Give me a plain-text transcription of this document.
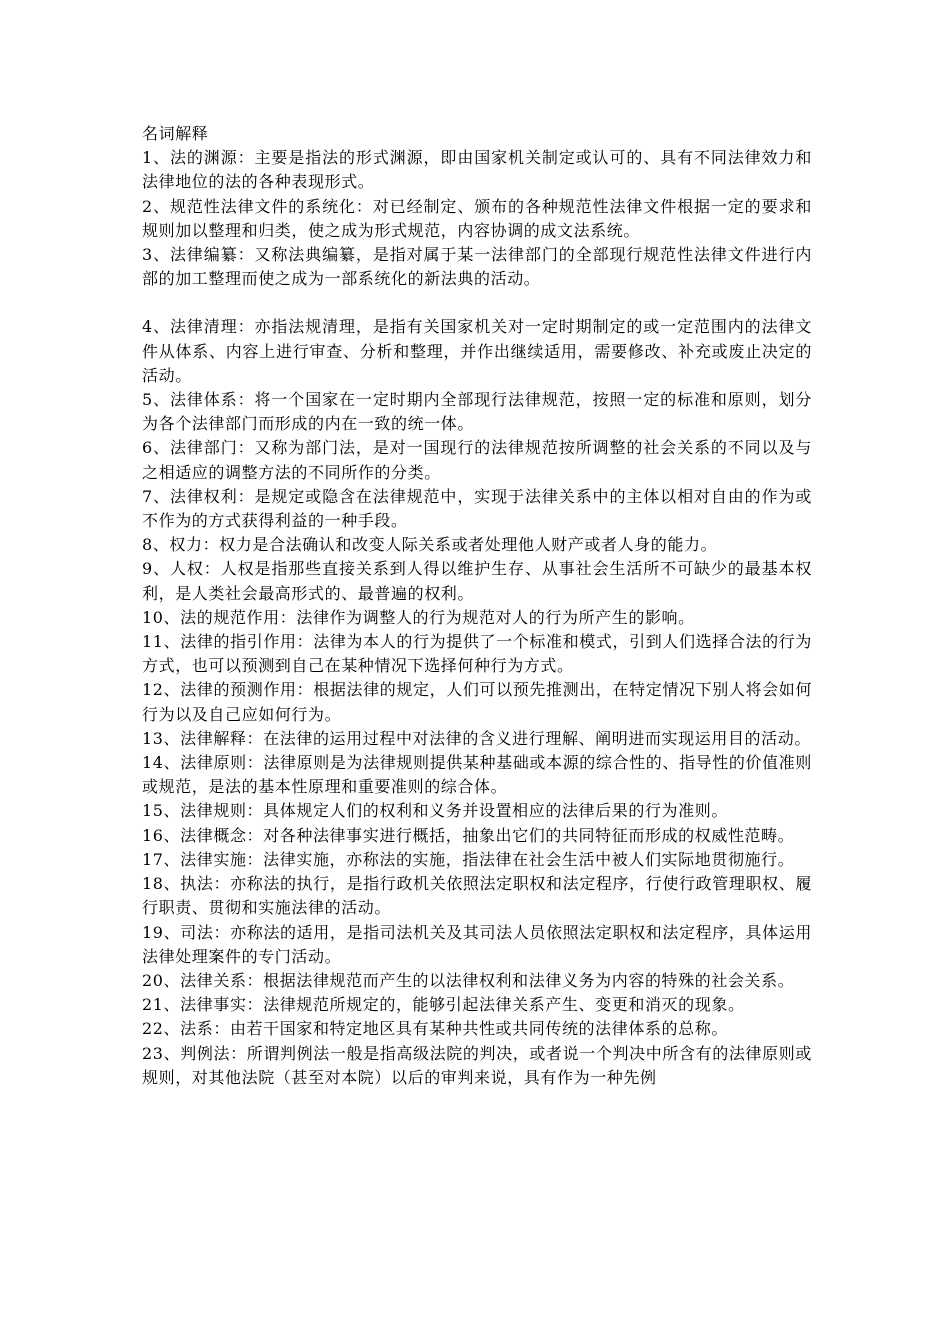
名词解释

1、法的渊源：主要是指法的形式渊源，即由国家机关制定或认可的、具有不同法律效力和法律地位的法的各种表现形式。

2、规范性法律文件的系统化：对已经制定、颁布的各种规范性法律文件根据一定的要求和规则加以整理和归类，使之成为形式规范，内容协调的成文法系统。

3、法律编纂：又称法典编纂，是指对属于某一法律部门的全部现行规范性法律文件进行内部的加工整理而使之成为一部系统化的新法典的活动。

4、法律清理：亦指法规清理，是指有关国家机关对一定时期制定的或一定范围内的法律文件从体系、内容上进行审查、分析和整理，并作出继续适用，需要修改、补充或废止决定的活动。

5、法律体系：将一个国家在一定时期内全部现行法律规范，按照一定的标准和原则，划分为各个法律部门而形成的内在一致的统一体。

6、法律部门：又称为部门法，是对一国现行的法律规范按所调整的社会关系的不同以及与之相适应的调整方法的不同所作的分类。

7、法律权利：是规定或隐含在法律规范中，实现于法律关系中的主体以相对自由的作为或不作为的方式获得利益的一种手段。

8、权力：权力是合法确认和改变人际关系或者处理他人财产或者人身的能力。

9、人权：人权是指那些直接关系到人得以维护生存、从事社会生活所不可缺少的最基本权利，是人类社会最高形式的、最普遍的权利。

10、法的规范作用：法律作为调整人的行为规范对人的行为所产生的影响。

11、法律的指引作用：法律为本人的行为提供了一个标准和模式，引到人们选择合法的行为方式，也可以预测到自己在某种情况下选择何种行为方式。

12、法律的预测作用：根据法律的规定，人们可以预先推测出，在特定情况下别人将会如何行为以及自己应如何行为。

13、法律解释：在法律的运用过程中对法律的含义进行理解、阐明进而实现运用目的活动。

14、法律原则：法律原则是为法律规则提供某种基础或本源的综合性的、指导性的价值准则或规范，是法的基本性原理和重要准则的综合体。

15、法律规则：具体规定人们的权利和义务并设置相应的法律后果的行为准则。

16、法律概念：对各种法律事实进行概括，抽象出它们的共同特征而形成的权威性范畴。

17、法律实施：法律实施，亦称法的实施，指法律在社会生活中被人们实际地贯彻施行。

18、执法：亦称法的执行，是指行政机关依照法定职权和法定程序，行使行政管理职权、履行职责、贯彻和实施法律的活动。

19、司法：亦称法的适用，是指司法机关及其司法人员依照法定职权和法定程序，具体运用法律处理案件的专门活动。

20、法律关系：根据法律规范而产生的以法律权利和法律义务为内容的特殊的社会关系。

21、法律事实：法律规范所规定的，能够引起法律关系产生、变更和消灭的现象。

22、法系：由若干国家和特定地区具有某种共性或共同传统的法律体系的总称。

23、判例法：所谓判例法一般是指高级法院的判决，或者说一个判决中所含有的法律原则或规则，对其他法院（甚至对本院）以后的审判来说，具有作为一种先例
